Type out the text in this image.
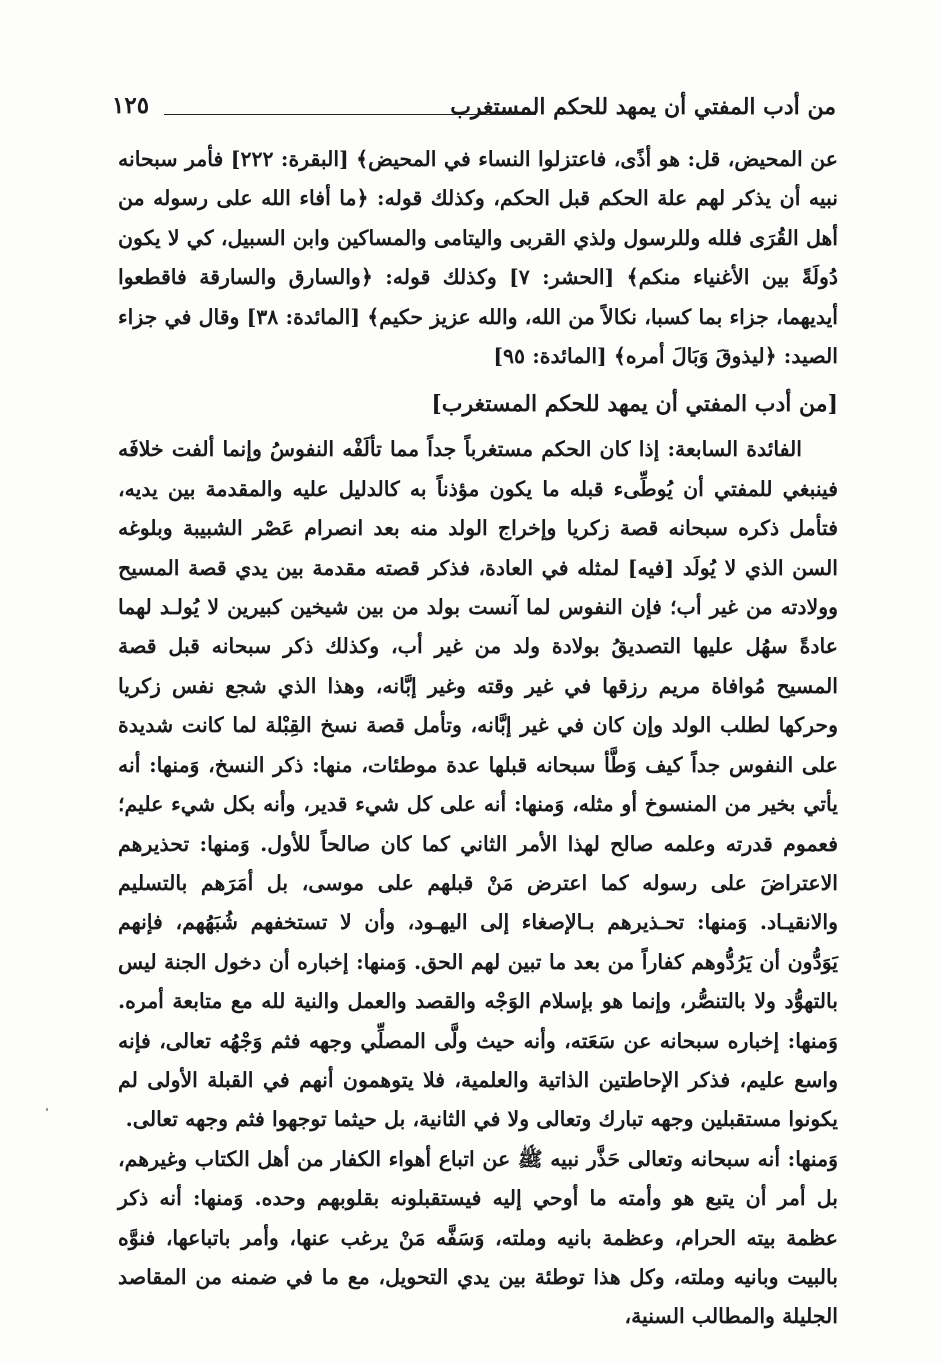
من أدب المفتي أن يمهد للحكم المستغرب
١٢٥

عن المحيض، قل: هو أذًى، فاعتزلوا النساء في المحيض﴾ [البقرة: ٢٢٢] فأمر سبحانه نبيه أن يذكر لهم علة الحكم قبل الحكم، وكذلك قوله: ﴿ما أفاء الله على رسوله من أهل القُرَى فلله وللرسول ولذي القربى واليتامى والمساكين وابن السبيل، كي لا يكون دُولَةً بين الأغنياء منكم﴾ [الحشر: ٧] وكذلك قوله: ﴿والسارق والسارقة فاقطعوا أيديهما، جزاء بما كسبا، نكالاً من الله، والله عزيز حكيم﴾ [المائدة: ٣٨] وقال في جزاء الصيد: ﴿ليذوقَ وَبَالَ أمره﴾ [المائدة: ٩٥]

[من أدب المفتي أن يمهد للحكم المستغرب]

الفائدة السابعة: إذا كان الحكم مستغرباً جداً مما تألَفْه النفوسُ وإنما ألفت خلافَه فينبغي للمفتي أن يُوطِّىء قبله ما يكون مؤذناً به كالدليل عليه والمقدمة بين يديه، فتأمل ذكره سبحانه قصة زكريا وإخراج الولد منه بعد انصرام عَصْر الشبيبة وبلوغه السن الذي لا يُولَد [فيه] لمثله في العادة، فذكر قصته مقدمة بين يدي قصة المسيح وولادته من غير أب؛ فإن النفوس لما آنست بولد من بين شيخين كبيرين لا يُولـد لهما عادةً سهُل عليها التصديقُ بولادة ولد من غير أب، وكذلك ذكر سبحانه قبل قصة المسيح مُوافاة مريم رزقها في غير وقته وغير إبَّانه، وهذا الذي شجع نفس زكريا وحركها لطلب الولد وإن كان في غير إبَّانه، وتأمل قصة نسخ القِبْلة لما كانت شديدة على النفوس جداً كيف وَطَّأ سبحانه قبلها عدة موطئات، منها: ذكر النسخ، وَمنها: أنه يأتي بخير من المنسوخ أو مثله، وَمنها: أنه على كل شيء قدير، وأنه بكل شيء عليم؛ فعموم قدرته وعلمه صالح لهذا الأمر الثاني كما كان صالحاً للأول. وَمنها: تحذيرهم الاعتراضَ على رسوله كما اعترض مَنْ قبلهم على موسى، بل أمَرَهم بالتسليم والانقيـاد. وَمنها: تحـذيرهم بـالإصغاء إلى اليهـود، وأن لا تستخفهم شُبَهُهم، فإنهم يَوَدُّون أن يَرُدُّوهم كفاراً من بعد ما تبين لهم الحق. وَمنها: إخباره أن دخول الجنة ليس بالتهوُّد ولا بالتنصُّر، وإنما هو بإسلام الوَجْه والقصد والعمل والنية لله مع متابعة أمره. وَمنها: إخباره سبحانه عن سَعَته، وأنه حيث ولَّى المصلِّي وجهه فثم وَجْهُه تعالى، فإنه واسع عليم، فذكر الإحاطتين الذاتية والعلمية، فلا يتوهمون أنهم في القبلة الأولى لم يكونوا مستقبلين وجهه تبارك وتعالى ولا في الثانية، بل حيثما توجهوا فثم وجهه تعالى.

وَمنها: أنه سبحانه وتعالى حَذَّر نبيه ﷺ عن اتباع أهواء الكفار من أهل الكتاب وغيرهم، بل أمر أن يتبع هو وأمته ما أوحي إليه فيستقبلونه بقلوبهم وحده. وَمنها: أنه ذكر عظمة بيته الحرام، وعظمة بانيه وملته، وَسَفَّه مَنْ يرغب عنها، وأمر باتباعها، فنوَّه بالبيت وبانيه وملته، وكل هذا توطئة بين يدي التحويل، مع ما في ضمنه من المقاصد الجليلة والمطالب السنية،
